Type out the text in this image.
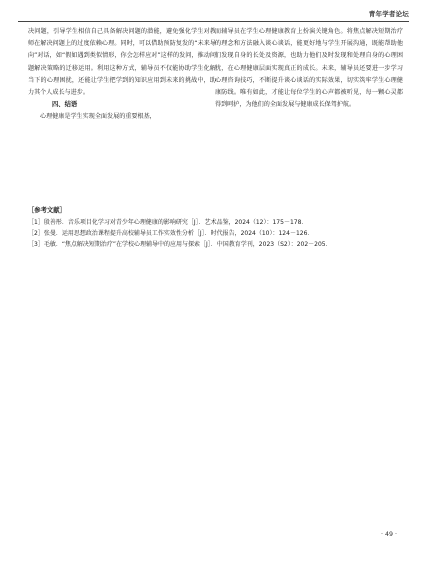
青年学者论坛

决问题，引导学生相信自己具备解决问题的潜能，避免强化学生对教师在解决问题上的过度依赖心理。同时，可以借助预防复发的“未来导向”对话，如“假如遇到类似情形，你会怎样应对”这样的发问，推动问题解决策略的迁移运用。利用这种方式，辅导员不仅能协助学生化解当下的心理困扰，还能让学生把学到的知识应用到未来的挑战中，助力其个人成长与进步。

四、结语

心理健康是学生实现全面发展的重要根基，

而辅导员在学生心理健康教育上扮演关键角色。将焦点解决短期治疗的理念和方法融入谈心谈话，能更好地与学生开展沟通，既能帮助他们发现自身的长处及资源，也助力他们及时发现和处理自身的心理困扰，在心理健康层面实现真正的成长。未来，辅导员还要进一步学习心理咨询技巧，不断提升谈心谈话的实际效果，切实筑牢学生心理健康防线。唯有如此，才能让每位学生的心声都被听见，每一颗心灵都得到呵护，为他们的全面发展与健康成长保驾护航。

［参考文献］
［1］殷善彤．音乐项目化学习对青少年心理健康的影响研究［J］．艺术品鉴，2024（12）：175－178．
［2］张曼．运用思想政治课程提升高校辅导员工作实效性分析［J］．时代报告，2024（10）：124－126．
［3］毛敏．“焦点解决短期治疗”在学校心理辅导中的应用与探索［J］．中国教育学刊，2023（S2）：202－205．
· 49 ·
